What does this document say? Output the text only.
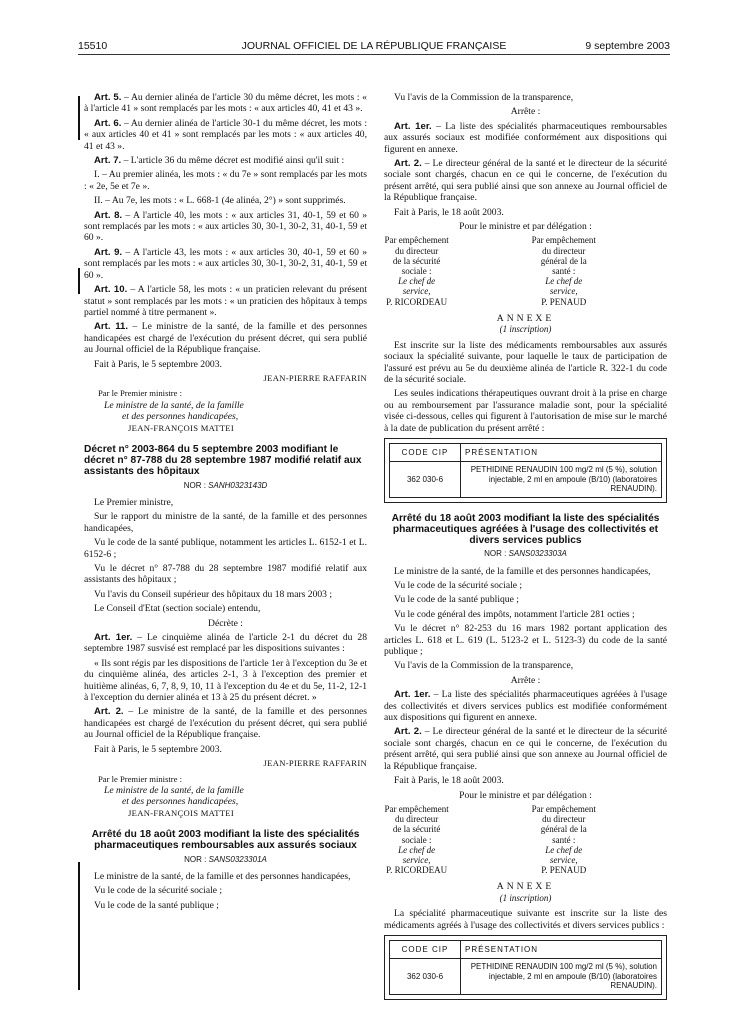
15510	JOURNAL OFFICIEL DE LA RÉPUBLIQUE FRANÇAISE	9 septembre 2003

Art. 5. – Au dernier alinéa de l'article 30 du même décret, les mots : « à l'article 41 » sont remplacés par les mots : « aux articles 40, 41 et 43 ».

Art. 6. – Au dernier alinéa de l'article 30-1 du même décret, les mots : « aux articles 40 et 41 » sont remplacés par les mots : « aux articles 40, 41 et 43 ».

Art. 7. – L'article 36 du même décret est modifié ainsi qu'il suit :

I. – Au premier alinéa, les mots : « du 7e » sont remplacés par les mots : « 2e, 5e et 7e ».

II. – Au 7e, les mots : « L. 668-1 (4e alinéa, 2°) » sont supprimés.

Art. 8. – A l'article 40, les mots : « aux articles 31, 40-1, 59 et 60 » sont remplacés par les mots : « aux articles 30, 30-1, 30-2, 31, 40-1, 59 et 60 ».

Art. 9. – A l'article 43, les mots : « aux articles 30, 40-1, 59 et 60 » sont remplacés par les mots : « aux articles 30, 30-1, 30-2, 31, 40-1, 59 et 60 ».

Art. 10. – A l'article 58, les mots : « un praticien relevant du présent statut » sont remplacés par les mots : « un praticien des hôpitaux à temps partiel nommé à titre permanent ».

Art. 11. – Le ministre de la santé, de la famille et des personnes handicapées est chargé de l'exécution du présent décret, qui sera publié au Journal officiel de la République française.

Fait à Paris, le 5 septembre 2003.

JEAN-PIERRE RAFFARIN
Par le Premier ministre :
Le ministre de la santé, de la famille
et des personnes handicapées,
JEAN-FRANÇOIS MATTEI
Décret n° 2003-864 du 5 septembre 2003 modifiant le décret n° 87-788 du 28 septembre 1987 modifié relatif aux assistants des hôpitaux
NOR : SANH0323143D

Le Premier ministre,

Sur le rapport du ministre de la santé, de la famille et des personnes handicapées,

Vu le code de la santé publique, notamment les articles L. 6152-1 et L. 6152-6 ;

Vu le décret n° 87-788 du 28 septembre 1987 modifié relatif aux assistants des hôpitaux ;

Vu l'avis du Conseil supérieur des hôpitaux du 18 mars 2003 ;

Le Conseil d'Etat (section sociale) entendu,

Décrète :

Art. 1er. – Le cinquième alinéa de l'article 2-1 du décret du 28 septembre 1987 susvisé est remplacé par les dispositions suivantes :

« Ils sont régis par les dispositions de l'article 1er à l'exception du 3e et du cinquième alinéa, des articles 2-1, 3 à l'exception des premier et huitième alinéas, 6, 7, 8, 9, 10, 11 à l'exception du 4e et du 5e, 11-2, 12-1 à l'exception du dernier alinéa et 13 à 25 du présent décret. »

Art. 2. – Le ministre de la santé, de la famille et des personnes handicapées est chargé de l'exécution du présent décret, qui sera publié au Journal officiel de la République française.

Fait à Paris, le 5 septembre 2003.

JEAN-PIERRE RAFFARIN
Par le Premier ministre :
Le ministre de la santé, de la famille
et des personnes handicapées,
JEAN-FRANÇOIS MATTEI
Arrêté du 18 août 2003 modifiant la liste des spécialités pharmaceutiques remboursables aux assurés sociaux
NOR : SANS0323301A

Le ministre de la santé, de la famille et des personnes handicapées,

Vu le code de la sécurité sociale ;

Vu le code de la santé publique ;

Vu l'avis de la Commission de la transparence,

Arrête :

Art. 1er. – La liste des spécialités pharmaceutiques remboursables aux assurés sociaux est modifiée conformément aux dispositions qui figurent en annexe.

Art. 2. – Le directeur général de la santé et le directeur de la sécurité sociale sont chargés, chacun en ce qui le concerne, de l'exécution du présent arrêté, qui sera publié ainsi que son annexe au Journal officiel de la République française.

Fait à Paris, le 18 août 2003.

Pour le ministre et par délégation :

Par empêchement du directeur
de la sécurité sociale :
Le chef de service,
P. RICORDEAU
Par empêchement
du directeur général de la santé :
Le chef de service,
P. PENAUD
ANNEXE
(1 inscription)

Est inscrite sur la liste des médicaments remboursables aux assurés sociaux la spécialité suivante, pour laquelle le taux de participation de l'assuré est prévu au 5e du deuxième alinéa de l'article R. 322-1 du code de la sécurité sociale.

Les seules indications thérapeutiques ouvrant droit à la prise en charge ou au remboursement par l'assurance maladie sont, pour la spécialité visée ci-dessous, celles qui figurent à l'autorisation de mise sur le marché à la date de publication du présent arrêté :

CODE CIP	PRÉSENTATION
362 030-6	PETHIDINE RENAUDIN 100 mg/2 ml (5 %), solution injectable, 2 ml en ampoule (B/10) (laboratoires RENAUDIN).
Arrêté du 18 août 2003 modifiant la liste des spécialités pharmaceutiques agréées à l'usage des collectivités et divers services publics
NOR : SANS0323303A

Le ministre de la santé, de la famille et des personnes handicapées,

Vu le code de la sécurité sociale ;

Vu le code de la santé publique ;

Vu le code général des impôts, notamment l'article 281 octies ;

Vu le décret n° 82-253 du 16 mars 1982 portant application des articles L. 618 et L. 619 (L. 5123-2 et L. 5123-3) du code de la santé publique ;

Vu l'avis de la Commission de la transparence,

Arrête :

Art. 1er. – La liste des spécialités pharmaceutiques agréées à l'usage des collectivités et divers services publics est modifiée conformément aux dispositions qui figurent en annexe.

Art. 2. – Le directeur général de la santé et le directeur de la sécurité sociale sont chargés, chacun en ce qui le concerne, de l'exécution du présent arrêté, qui sera publié ainsi que son annexe au Journal officiel de la République française.

Fait à Paris, le 18 août 2003.

Pour le ministre et par délégation :

Par empêchement du directeur
de la sécurité sociale :
Le chef de service,
P. RICORDEAU
Par empêchement
du directeur général de la santé :
Le chef de service,
P. PENAUD
ANNEXE
(1 inscription)

La spécialité pharmaceutique suivante est inscrite sur la liste des médicaments agréés à l'usage des collectivités et divers services publics :

CODE CIP	PRÉSENTATION
362 030-6	PETHIDINE RENAUDIN 100 mg/2 ml (5 %), solution injectable, 2 ml en ampoule (B/10) (laboratoires RENAUDIN).
